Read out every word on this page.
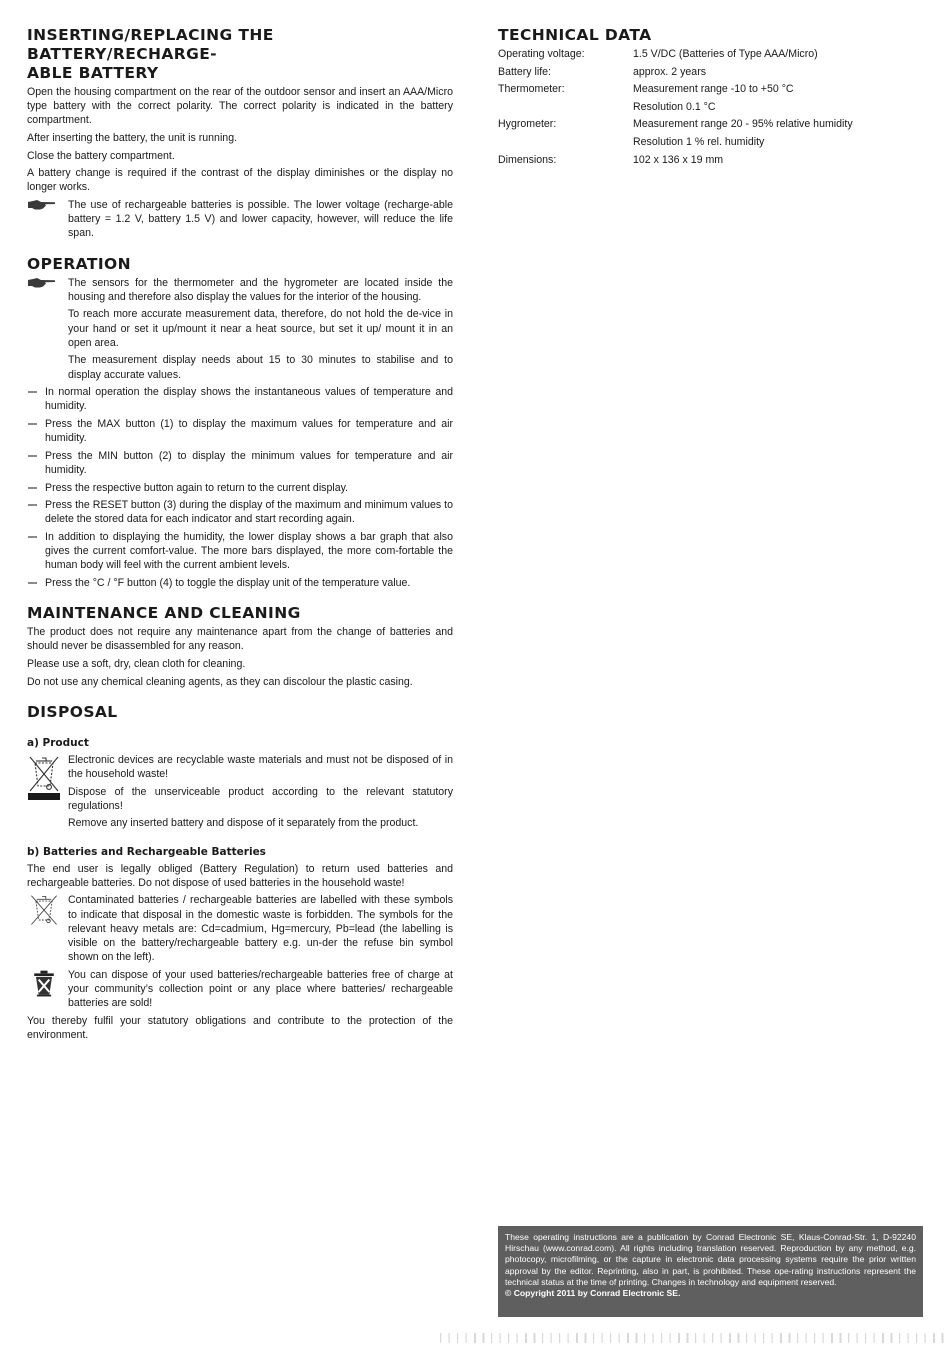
INSERTING/REPLACING THE BATTERY/RECHARGE-
ABLE BATTERY

Open the housing compartment on the rear of the outdoor sensor and insert an AAA/Micro type battery with the correct polarity. The correct polarity is indicated in the battery compartment.

After inserting the battery, the unit is running.

Close the battery compartment.

A battery change is required if the contrast of the display diminishes or the display no longer works.

The use of rechargeable batteries is possible. The lower voltage (recharge-able battery = 1.2 V, battery 1.5 V) and lower capacity, however, will reduce the life span.

OPERATION

The sensors for the thermometer and the hygrometer are located inside the housing and therefore also display the values for the interior of the housing.

To reach more accurate measurement data, therefore, do not hold the de-vice in your hand or set it up/mount it near a heat source, but set it up/ mount it in an open area.

The measurement display needs about 15 to 30 minutes to stabilise and to display accurate values.

In normal operation the display shows the instantaneous values of temperature and humidity.

Press the MAX button (1) to display the maximum values for temperature and air humidity.

Press the MIN button (2) to display the minimum values for temperature and air humidity.

Press the respective button again to return to the current display.

Press the RESET button (3) during the display of the maximum and minimum values to delete the stored data for each indicator and start recording again.

In addition to displaying the humidity, the lower display shows a bar graph that also gives the current comfort-value. The more bars displayed, the more com-fortable the human body will feel with the current ambient levels.

Press the °C / °F button (4) to toggle the display unit of the temperature value.

MAINTENANCE AND CLEANING

The product does not require any maintenance apart from the change of batteries and should never be disassembled for any reason.

Please use a soft, dry, clean cloth for cleaning.

Do not use any chemical cleaning agents, as they can discolour the plastic casing.

DISPOSAL
a) Product

Electronic devices are recyclable waste materials and must not be disposed of in the household waste!

Dispose of the unserviceable product according to the relevant statutory regulations!

Remove any inserted battery and dispose of it separately from the product.

b) Batteries and Rechargeable Batteries

The end user is legally obliged (Battery Regulation) to return used batteries and rechargeable batteries. Do not dispose of used batteries in the household waste!

Contaminated batteries / rechargeable batteries are labelled with these symbols to indicate that disposal in the domestic waste is forbidden. The symbols for the relevant heavy metals are: Cd=cadmium, Hg=mercury, Pb=lead (the labelling is visible on the battery/rechargeable battery e.g. un-der the refuse bin symbol shown on the left).

You can dispose of your used batteries/rechargeable batteries free of charge at your community’s collection point or any place where batteries/ rechargeable batteries are sold!

You thereby fulfil your statutory obligations and contribute to the protection of the environment.

TECHNICAL DATA
Operating voltage:	1.5 V/DC (Batteries of Type AAA/Micro)
Battery life:	approx. 2 years
Thermometer:	Measurement range -10 to +50 °C
	Resolution 0.1 °C
Hygrometer:	Measurement range 20 - 95% relative humidity
	Resolution 1 % rel. humidity
Dimensions:	102 x 136 x 19 mm

These operating instructions are a publication by Conrad Electronic SE, Klaus-Conrad-Str. 1, D-92240 Hirschau (www.conrad.com). All rights including translation reserved. Reproduction by any method, e.g. photocopy, microfilming, or the capture in electronic data processing systems require the prior written approval by the editor. Reprinting, also in part, is prohibited. These ope-rating instructions represent the technical status at the time of printing. Changes in technology and equipment reserved.

© Copyright 2011 by Conrad Electronic SE.
